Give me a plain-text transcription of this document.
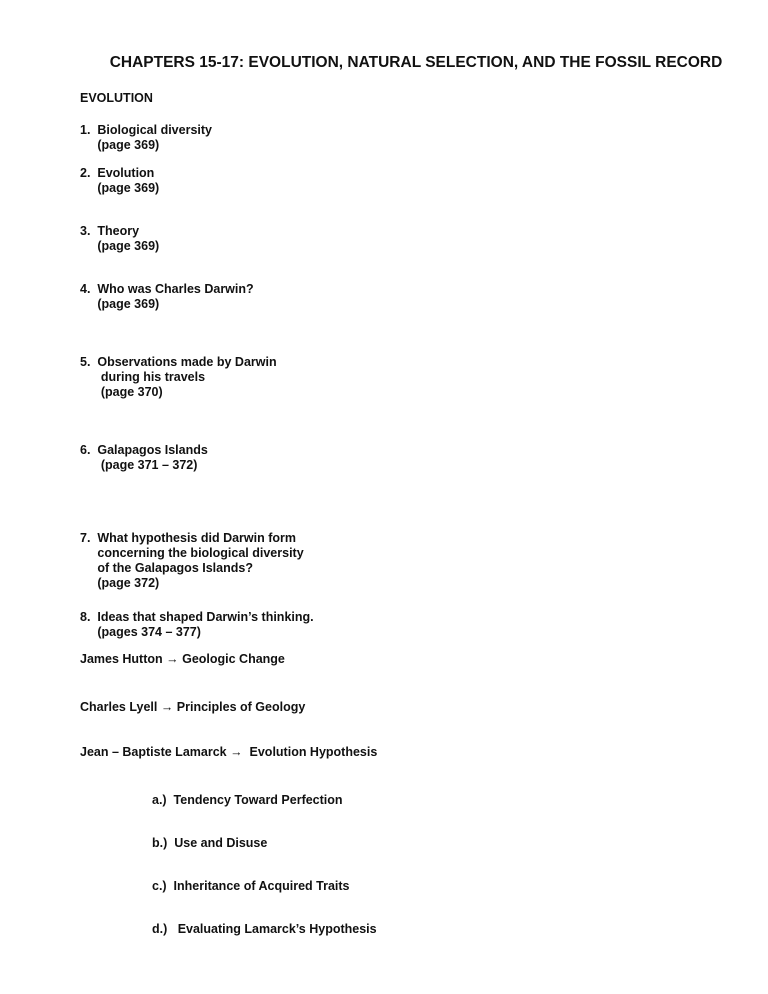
CHAPTERS 15-17: EVOLUTION, NATURAL SELECTION, AND THE FOSSIL RECORD
EVOLUTION
1.  Biological diversity
(page 369)
2.  Evolution
(page 369)
3.  Theory
(page 369)
4.  Who was Charles Darwin?
(page 369)
5.  Observations made by Darwin
during his travels
(page 370)
6.  Galapagos Islands
(page 371 – 372)
7.  What hypothesis did Darwin form
concerning the biological diversity
of the Galapagos Islands?
(page 372)
8.  Ideas that shaped Darwin’s thinking.
(pages 374 – 377)
James Hutton → Geologic Change
Charles Lyell → Principles of Geology
Jean – Baptiste Lamarck →  Evolution Hypothesis
a.)  Tendency Toward Perfection
b.)  Use and Disuse
c.)  Inheritance of Acquired Traits
d.)   Evaluating Lamarck’s Hypothesis
